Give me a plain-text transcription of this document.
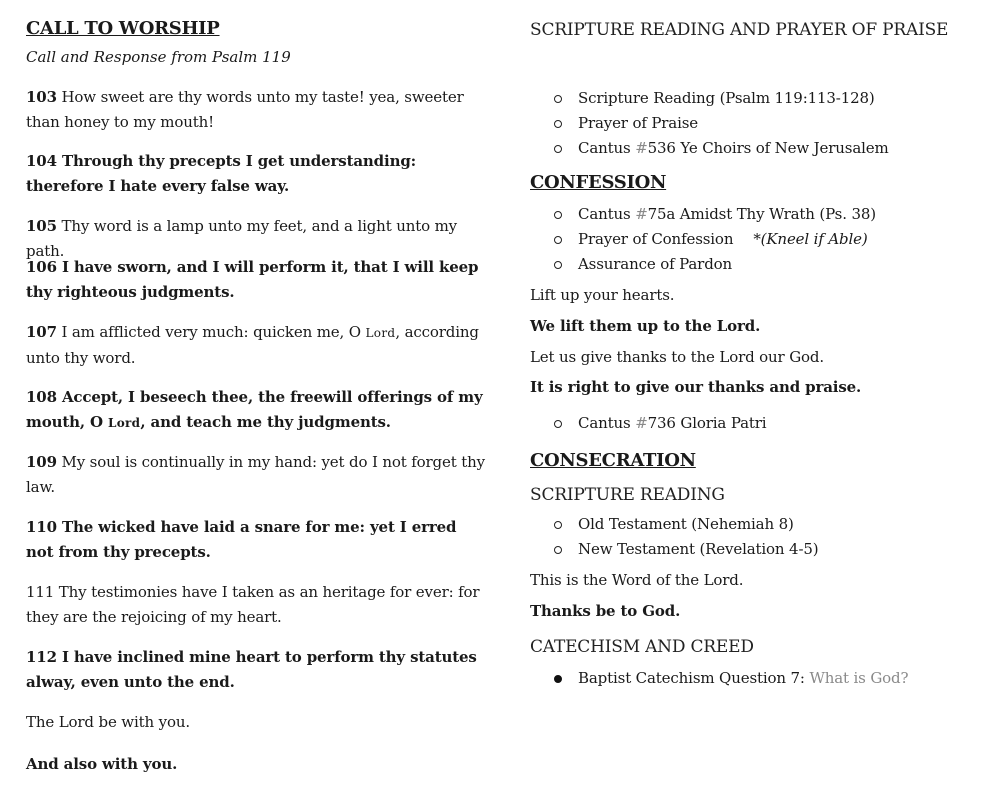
CALL TO WORSHIP
Call and Response from Psalm 119
103 How sweet are thy words unto my taste! yea, sweeter than honey to my mouth!
104 Through thy precepts I get understanding: therefore I hate every false way.
105 Thy word is a lamp unto my feet, and a light unto my path.
106 I have sworn, and I will perform it, that I will keep thy righteous judgments.
107 I am afflicted very much: quicken me, O Lord, according unto thy word.
108 Accept, I beseech thee, the freewill offerings of my mouth, O Lord, and teach me thy judgments.
109 My soul is continually in my hand: yet do I not forget thy law.
110 The wicked have laid a snare for me: yet I erred not from thy precepts.
111 Thy testimonies have I taken as an heritage for ever: for they are the rejoicing of my heart.
112 I have inclined mine heart to perform thy statutes alway, even unto the end.
The Lord be with you.
And also with you.
SCRIPTURE READING AND PRAYER OF PRAISE
Scripture Reading (Psalm 119:113-128)
Prayer of Praise
Cantus #536 Ye Choirs of New Jerusalem
CONFESSION
Cantus #75a Amidst Thy Wrath (Ps. 38)
Prayer of Confession *(Kneel if Able)
Assurance of Pardon
Lift up your hearts.
We lift them up to the Lord.
Let us give thanks to the Lord our God.
It is right to give our thanks and praise.
Cantus #736 Gloria Patri
CONSECRATION
SCRIPTURE READING
Old Testament (Nehemiah 8)
New Testament (Revelation 4-5)
This is the Word of the Lord.
Thanks be to God.
CATECHISM AND CREED
Baptist Catechism Question 7: What is God?
